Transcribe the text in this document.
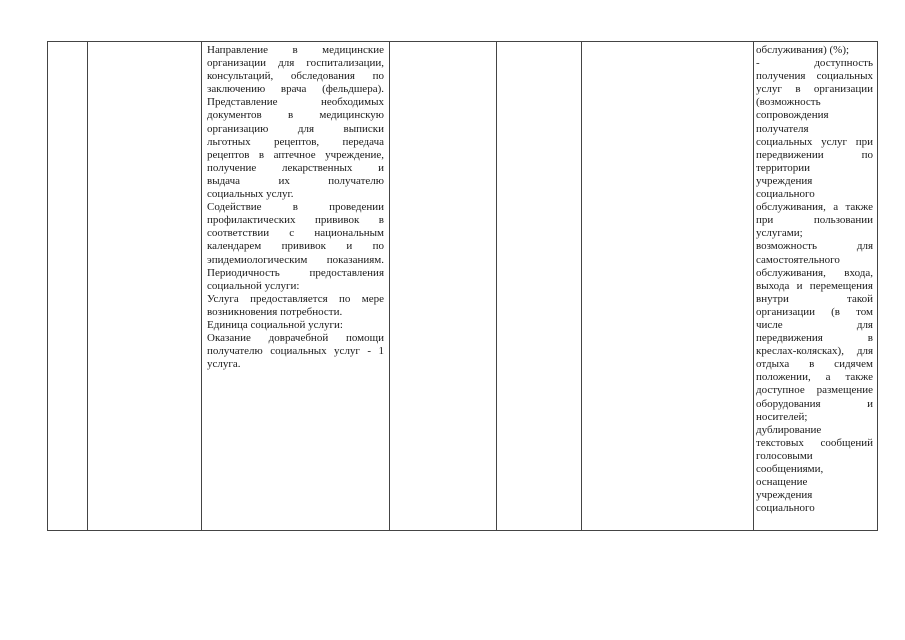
Направление в медицинские

организации для госпитализации,

консультаций, обследования по

заключению врача (фельдшера).

Представление необходимых

документов в медицинскую

организацию для выписки

льготных рецептов, передача

рецептов в аптечное учреждение,

получение лекарственных и

выдача их получателю

социальных услуг.

Содействие в проведении

профилактических прививок в

соответствии с национальным

календарем прививок и по

эпидемиологическим показаниям.

Периодичность предоставления

социальной услуги:

Услуга предоставляется по мере

возникновения потребности.

Единица социальной услуги:

Оказание доврачебной помощи

получателю социальных услуг - 1

услуга.

обслуживания) (%);

- доступность

получения социальных

услуг в организации

(возможность

сопровождения

получателя

социальных услуг при

передвижении по

территории

учреждения

социального

обслуживания, а также

при пользовании

услугами;

возможность для

самостоятельного

обслуживания, входа,

выхода и перемещения

внутри такой

организации (в том

числе для

передвижения в

креслах-колясках), для

отдыха в сидячем

положении, а также

доступное размещение

оборудования и

носителей;

дублирование

текстовых сообщений

голосовыми

сообщениями,

оснащение

учреждения

социального
